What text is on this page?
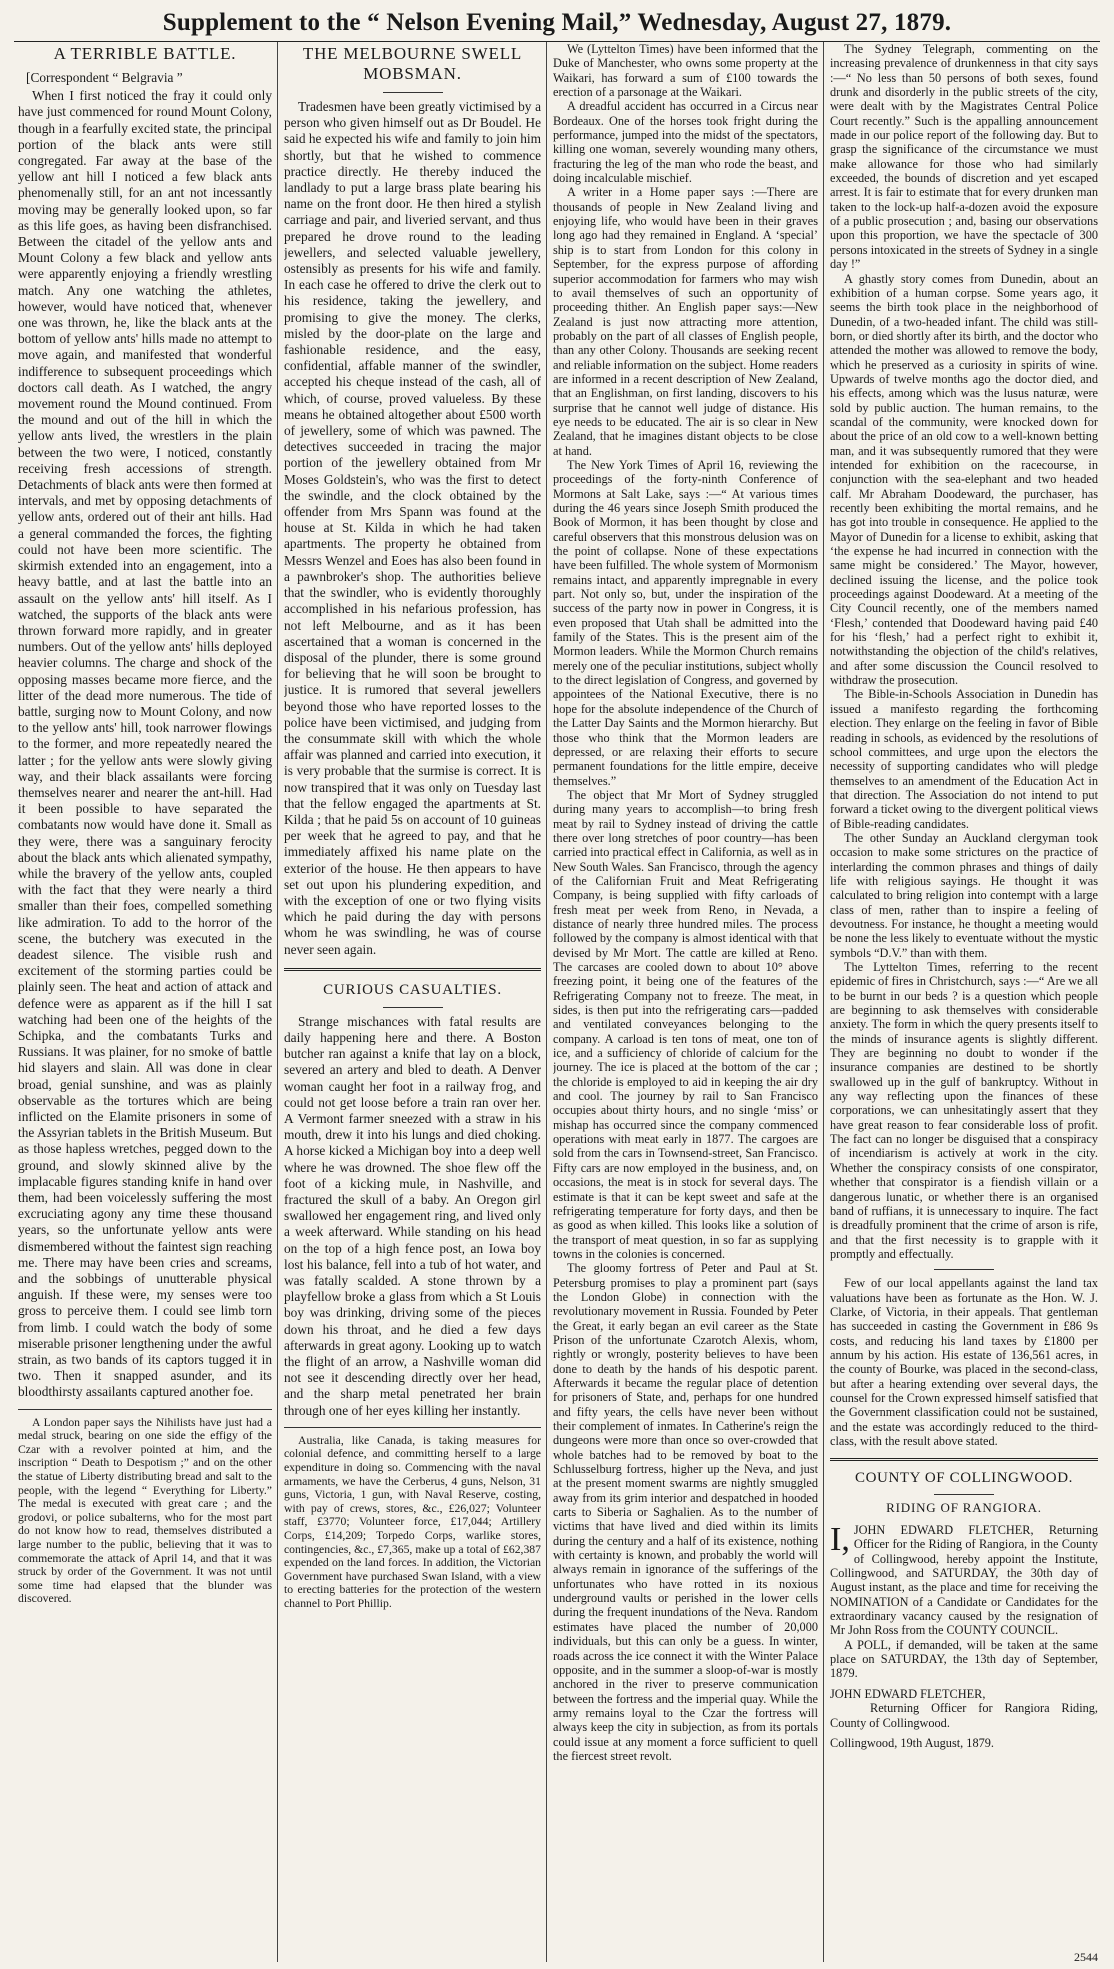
Supplement to the “ Nelson Evening Mail,” Wednesday, August 27, 1879.
A TERRIBLE BATTLE.

[Correspondent “ Belgravia ”

When I first noticed the fray it could only have just commenced for round Mount Colony, though in a fearfully excited state, the principal portion of the black ants were still congregated. Far away at the base of the yellow ant hill I noticed a few black ants phenomenally still, for an ant not incessantly moving may be generally looked upon, so far as this life goes, as having been disfranchised. Between the citadel of the yellow ants and Mount Colony a few black and yellow ants were apparently enjoying a friendly wrestling match. Any one watching the athletes, however, would have noticed that, whenever one was thrown, he, like the black ants at the bottom of yellow ants' hills made no attempt to move again, and manifested that wonderful indifference to subsequent proceedings which doctors call death. As I watched, the angry movement round the Mound continued. From the mound and out of the hill in which the yellow ants lived, the wrestlers in the plain between the two were, I noticed, constantly receiving fresh accessions of strength. Detachments of black ants were then formed at intervals, and met by opposing detachments of yellow ants, ordered out of their ant hills. Had a general commanded the forces, the fighting could not have been more scientific. The skirmish extended into an engagement, into a heavy battle, and at last the battle into an assault on the yellow ants' hill itself. As I watched, the supports of the black ants were thrown forward more rapidly, and in greater numbers. Out of the yellow ants' hills deployed heavier columns. The charge and shock of the opposing masses became more fierce, and the litter of the dead more numerous. The tide of battle, surging now to Mount Colony, and now to the yellow ants' hill, took narrower flowings to the former, and more repeatedly neared the latter ; for the yellow ants were slowly giving way, and their black assailants were forcing themselves nearer and nearer the ant-hill. Had it been possible to have separated the combatants now would have done it. Small as they were, there was a sanguinary ferocity about the black ants which alienated sympathy, while the bravery of the yellow ants, coupled with the fact that they were nearly a third smaller than their foes, compelled something like admiration. To add to the horror of the scene, the butchery was executed in the deadest silence. The visible rush and excitement of the storming parties could be plainly seen. The heat and action of attack and defence were as apparent as if the hill I sat watching had been one of the heights of the Schipka, and the combatants Turks and Russians. It was plainer, for no smoke of battle hid slayers and slain. All was done in clear broad, genial sunshine, and was as plainly observable as the tortures which are being inflicted on the Elamite prisoners in some of the Assyrian tablets in the British Museum. But as those hapless wretches, pegged down to the ground, and slowly skinned alive by the implacable figures standing knife in hand over them, had been voicelessly suffering the most excruciating agony any time these thousand years, so the unfortunate yellow ants were dismembered without the faintest sign reaching me. There may have been cries and screams, and the sobbings of unutterable physical anguish. If these were, my senses were too gross to perceive them. I could see limb torn from limb. I could watch the body of some miserable prisoner lengthening under the awful strain, as two bands of its captors tugged it in two. Then it snapped asunder, and its bloodthirsty assailants captured another foe.

A London paper says the Nihilists have just had a medal struck, bearing on one side the effigy of the Czar with a revolver pointed at him, and the inscription “ Death to Despotism ;” and on the other the statue of Liberty distributing bread and salt to the people, with the legend “ Everything for Liberty.” The medal is executed with great care ; and the grodovi, or police subalterns, who for the most part do not know how to read, themselves distributed a large number to the public, believing that it was to commemorate the attack of April 14, and that it was struck by order of the Government. It was not until some time had elapsed that the blunder was discovered.

THE MELBOURNE SWELL MOBSMAN.

Tradesmen have been greatly victimised by a person who given himself out as Dr Boudel. He said he expected his wife and family to join him shortly, but that he wished to commence practice directly. He thereby induced the landlady to put a large brass plate bearing his name on the front door. He then hired a stylish carriage and pair, and liveried servant, and thus prepared he drove round to the leading jewellers, and selected valuable jewellery, ostensibly as presents for his wife and family. In each case he offered to drive the clerk out to his residence, taking the jewellery, and promising to give the money. The clerks, misled by the door-plate on the large and fashionable residence, and the easy, confidential, affable manner of the swindler, accepted his cheque instead of the cash, all of which, of course, proved valueless. By these means he obtained altogether about £500 worth of jewellery, some of which was pawned. The detectives succeeded in tracing the major portion of the jewellery obtained from Mr Moses Goldstein's, who was the first to detect the swindle, and the clock obtained by the offender from Mrs Spann was found at the house at St. Kilda in which he had taken apartments. The property he obtained from Messrs Wenzel and Eoes has also been found in a pawnbroker's shop. The authorities believe that the swindler, who is evidently thoroughly accomplished in his nefarious profession, has not left Melbourne, and as it has been ascertained that a woman is concerned in the disposal of the plunder, there is some ground for believing that he will soon be brought to justice. It is rumored that several jewellers beyond those who have reported losses to the police have been victimised, and judging from the consummate skill with which the whole affair was planned and carried into execution, it is very probable that the surmise is correct. It is now transpired that it was only on Tuesday last that the fellow engaged the apartments at St. Kilda ; that he paid 5s on account of 10 guineas per week that he agreed to pay, and that he immediately affixed his name plate on the exterior of the house. He then appears to have set out upon his plundering expedition, and with the exception of one or two flying visits which he paid during the day with persons whom he was swindling, he was of course never seen again.

CURIOUS CASUALTIES.

Strange mischances with fatal results are daily happening here and there. A Boston butcher ran against a knife that lay on a block, severed an artery and bled to death. A Denver woman caught her foot in a railway frog, and could not get loose before a train ran over her. A Vermont farmer sneezed with a straw in his mouth, drew it into his lungs and died choking. A horse kicked a Michigan boy into a deep well where he was drowned. The shoe flew off the foot of a kicking mule, in Nashville, and fractured the skull of a baby. An Oregon girl swallowed her engagement ring, and lived only a week afterward. While standing on his head on the top of a high fence post, an Iowa boy lost his balance, fell into a tub of hot water, and was fatally scalded. A stone thrown by a playfellow broke a glass from which a St Louis boy was drinking, driving some of the pieces down his throat, and he died a few days afterwards in great agony. Looking up to watch the flight of an arrow, a Nashville woman did not see it descending directly over her head, and the sharp metal penetrated her brain through one of her eyes killing her instantly.

Australia, like Canada, is taking measures for colonial defence, and committing herself to a large expenditure in doing so. Commencing with the naval armaments, we have the Cerberus, 4 guns, Nelson, 31 guns, Victoria, 1 gun, with Naval Reserve, costing, with pay of crews, stores, &c., £26,027; Volunteer staff, £3770; Volunteer force, £17,044; Artillery Corps, £14,209; Torpedo Corps, warlike stores, contingencies, &c., £7,365, make up a total of £62,387 expended on the land forces. In addition, the Victorian Government have purchased Swan Island, with a view to erecting batteries for the protection of the western channel to Port Phillip.

We (Lyttelton Times) have been informed that the Duke of Manchester, who owns some property at the Waikari, has forward a sum of £100 towards the erection of a parsonage at the Waikari.

A dreadful accident has occurred in a Circus near Bordeaux. One of the horses took fright during the performance, jumped into the midst of the spectators, killing one woman, severely wounding many others, fracturing the leg of the man who rode the beast, and doing incalculable mischief.

A writer in a Home paper says :—There are thousands of people in New Zealand living and enjoying life, who would have been in their graves long ago had they remained in England. A ‘special’ ship is to start from London for this colony in September, for the express purpose of affording superior accommodation for farmers who may wish to avail themselves of such an opportunity of proceeding thither. An English paper says:—New Zealand is just now attracting more attention, probably on the part of all classes of English people, than any other Colony. Thousands are seeking recent and reliable information on the subject. Home readers are informed in a recent description of New Zealand, that an Englishman, on first landing, discovers to his surprise that he cannot well judge of distance. His eye needs to be educated. The air is so clear in New Zealand, that he imagines distant objects to be close at hand.

The New York Times of April 16, reviewing the proceedings of the forty-ninth Conference of Mormons at Salt Lake, says :—“ At various times during the 46 years since Joseph Smith produced the Book of Mormon, it has been thought by close and careful observers that this monstrous delusion was on the point of collapse. None of these expectations have been fulfilled. The whole system of Mormonism remains intact, and apparently impregnable in every part. Not only so, but, under the inspiration of the success of the party now in power in Congress, it is even proposed that Utah shall be admitted into the family of the States. This is the present aim of the Mormon leaders. While the Mormon Church remains merely one of the peculiar institutions, subject wholly to the direct legislation of Congress, and governed by appointees of the National Executive, there is no hope for the absolute independence of the Church of the Latter Day Saints and the Mormon hierarchy. But those who think that the Mormon leaders are depressed, or are relaxing their efforts to secure permanent foundations for the little empire, deceive themselves.”

The object that Mr Mort of Sydney struggled during many years to accomplish—to bring fresh meat by rail to Sydney instead of driving the cattle there over long stretches of poor country—has been carried into practical effect in California, as well as in New South Wales. San Francisco, through the agency of the Californian Fruit and Meat Refrigerating Company, is being supplied with fifty carloads of fresh meat per week from Reno, in Nevada, a distance of nearly three hundred miles. The process followed by the company is almost identical with that devised by Mr Mort. The cattle are killed at Reno. The carcases are cooled down to about 10° above freezing point, it being one of the features of the Refrigerating Company not to freeze. The meat, in sides, is then put into the refrigerating cars—padded and ventilated conveyances belonging to the company. A carload is ten tons of meat, one ton of ice, and a sufficiency of chloride of calcium for the journey. The ice is placed at the bottom of the car ; the chloride is employed to aid in keeping the air dry and cool. The journey by rail to San Francisco occupies about thirty hours, and no single ‘miss’ or mishap has occurred since the company commenced operations with meat early in 1877. The cargoes are sold from the cars in Townsend-street, San Francisco. Fifty cars are now employed in the business, and, on occasions, the meat is in stock for several days. The estimate is that it can be kept sweet and safe at the refrigerating temperature for forty days, and then be as good as when killed. This looks like a solution of the transport of meat question, in so far as supplying towns in the colonies is concerned.

The gloomy fortress of Peter and Paul at St. Petersburg promises to play a prominent part (says the London Globe) in connection with the revolutionary movement in Russia. Founded by Peter the Great, it early began an evil career as the State Prison of the unfortunate Czarotch Alexis, whom, rightly or wrongly, posterity believes to have been done to death by the hands of his despotic parent. Afterwards it became the regular place of detention for prisoners of State, and, perhaps for one hundred and fifty years, the cells have never been without their complement of inmates. In Catherine's reign the dungeons were more than once so over-crowded that whole batches had to be removed by boat to the Schlusselburg fortress, higher up the Neva, and just at the present moment swarms are nightly smuggled away from its grim interior and despatched in hooded carts to Siberia or Saghalien. As to the number of victims that have lived and died within its limits during the century and a half of its existence, nothing with certainty is known, and probably the world will always remain in ignorance of the sufferings of the unfortunates who have rotted in its noxious underground vaults or perished in the lower cells during the frequent inundations of the Neva. Random estimates have placed the number of 20,000 individuals, but this can only be a guess. In winter, roads across the ice connect it with the Winter Palace opposite, and in the summer a sloop-of-war is mostly anchored in the river to preserve communication between the fortress and the imperial quay. While the army remains loyal to the Czar the fortress will always keep the city in subjection, as from its portals could issue at any moment a force sufficient to quell the fiercest street revolt.

The Sydney Telegraph, commenting on the increasing prevalence of drunkenness in that city says :—“ No less than 50 persons of both sexes, found drunk and disorderly in the public streets of the city, were dealt with by the Magistrates Central Police Court recently.” Such is the appalling announcement made in our police report of the following day. But to grasp the significance of the circumstance we must make allowance for those who had similarly exceeded, the bounds of discretion and yet escaped arrest. It is fair to estimate that for every drunken man taken to the lock-up half-a-dozen avoid the exposure of a public prosecution ; and, basing our observations upon this proportion, we have the spectacle of 300 persons intoxicated in the streets of Sydney in a single day !”

A ghastly story comes from Dunedin, about an exhibition of a human corpse. Some years ago, it seems the birth took place in the neighborhood of Dunedin, of a two-headed infant. The child was still-born, or died shortly after its birth, and the doctor who attended the mother was allowed to remove the body, which he preserved as a curiosity in spirits of wine. Upwards of twelve months ago the doctor died, and his effects, among which was the lusus naturæ, were sold by public auction. The human remains, to the scandal of the community, were knocked down for about the price of an old cow to a well-known betting man, and it was subsequently rumored that they were intended for exhibition on the racecourse, in conjunction with the sea-elephant and two headed calf. Mr Abraham Doodeward, the purchaser, has recently been exhibiting the mortal remains, and he has got into trouble in consequence. He applied to the Mayor of Dunedin for a license to exhibit, asking that ‘the expense he had incurred in connection with the same might be considered.’ The Mayor, however, declined issuing the license, and the police took proceedings against Doodeward. At a meeting of the City Council recently, one of the members named ‘Flesh,’ contended that Doodeward having paid £40 for his ‘flesh,’ had a perfect right to exhibit it, notwithstanding the objection of the child's relatives, and after some discussion the Council resolved to withdraw the prosecution.

The Bible-in-Schools Association in Dunedin has issued a manifesto regarding the forthcoming election. They enlarge on the feeling in favor of Bible reading in schools, as evidenced by the resolutions of school committees, and urge upon the electors the necessity of supporting candidates who will pledge themselves to an amendment of the Education Act in that direction. The Association do not intend to put forward a ticket owing to the divergent political views of Bible-reading candidates.

The other Sunday an Auckland clergyman took occasion to make some strictures on the practice of interlarding the common phrases and things of daily life with religious sayings. He thought it was calculated to bring religion into contempt with a large class of men, rather than to inspire a feeling of devoutness. For instance, he thought a meeting would be none the less likely to eventuate without the mystic symbols “D.V.” than with them.

The Lyttelton Times, referring to the recent epidemic of fires in Christchurch, says :—“ Are we all to be burnt in our beds ? is a question which people are beginning to ask themselves with considerable anxiety. The form in which the query presents itself to the minds of insurance agents is slightly different. They are beginning no doubt to wonder if the insurance companies are destined to be shortly swallowed up in the gulf of bankruptcy. Without in any way reflecting upon the finances of these corporations, we can unhesitatingly assert that they have great reason to fear considerable loss of profit. The fact can no longer be disguised that a conspiracy of incendiarism is actively at work in the city. Whether the conspiracy consists of one conspirator, whether that conspirator is a fiendish villain or a dangerous lunatic, or whether there is an organised band of ruffians, it is unnecessary to inquire. The fact is dreadfully prominent that the crime of arson is rife, and that the first necessity is to grapple with it promptly and effectually.

Few of our local appellants against the land tax valuations have been as fortunate as the Hon. W. J. Clarke, of Victoria, in their appeals. That gentleman has succeeded in casting the Government in £86 9s costs, and reducing his land taxes by £1800 per annum by his action. His estate of 136,561 acres, in the county of Bourke, was placed in the second-class, but after a hearing extending over several days, the counsel for the Crown expressed himself satisfied that the Government classification could not be sustained, and the estate was accordingly reduced to the third-class, with the result above stated.

COUNTY OF COLLINGWOOD.
RIDING OF RANGIORA.
I, JOHN EDWARD FLETCHER, Returning Officer for the Riding of Rangiora, in the County of Collingwood, hereby appoint the Institute, Collingwood, and SATURDAY, the 30th day of August instant, as the place and time for receiving the NOMINATION of a Candidate or Candidates for the extraordinary vacancy caused by the resignation of Mr John Ross from the COUNTY COUNCIL.

A POLL, if demanded, will be taken at the same place on SATURDAY, the 13th day of September, 1879.

JOHN EDWARD FLETCHER,

Returning Officer for Rangiora Riding, County of Collingwood.

Collingwood, 19th August, 1879.

2544
